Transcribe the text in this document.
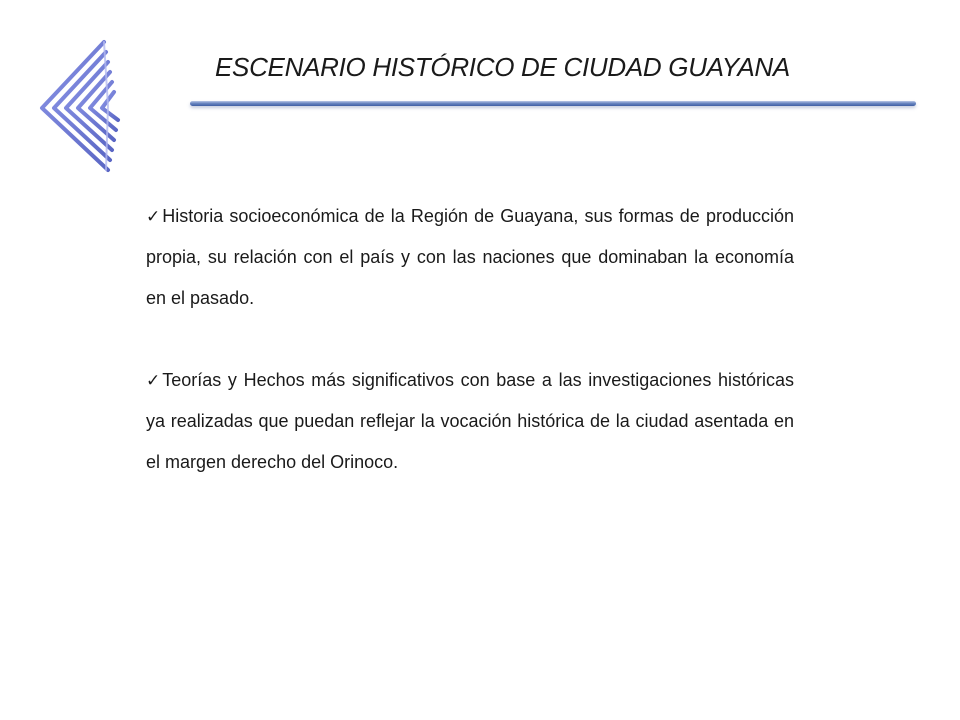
ESCENARIO HISTÓRICO DE CIUDAD GUAYANA

✓ Historia socioeconómica de la Región de Guayana, sus formas de producción propia, su relación con el país y con las naciones que dominaban la economía en el pasado.

✓ Teorías y Hechos más significativos con base a las investigaciones históricas ya realizadas que puedan reflejar la vocación histórica de la ciudad asentada en el margen derecho del Orinoco.
